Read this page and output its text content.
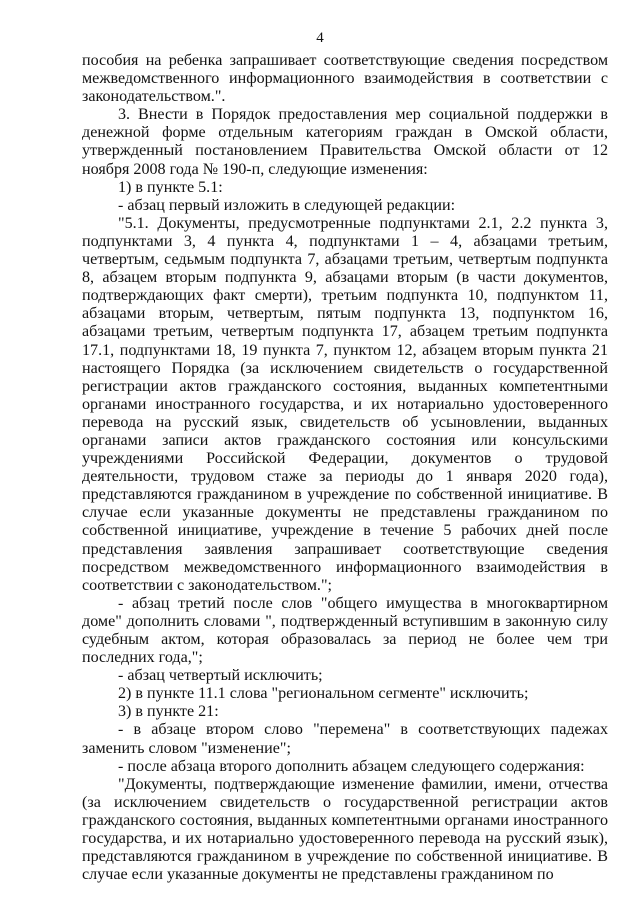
4

пособия на ребенка запрашивает соответствующие сведения посредством межведомственного информационного взаимодействия в соответствии с законодательством.".

3. Внести в Порядок предоставления мер социальной поддержки в денежной форме отдельным категориям граждан в Омской области, утвержденный постановлением Правительства Омской области от 12 ноября 2008 года № 190-п, следующие изменения:

1) в пункте 5.1:

- абзац первый изложить в следующей редакции:

"5.1. Документы, предусмотренные подпунктами 2.1, 2.2 пункта 3, подпунктами 3, 4 пункта 4, подпунктами 1 – 4, абзацами третьим, четвертым, седьмым подпункта 7, абзацами третьим, четвертым подпункта 8, абзацем вторым подпункта 9, абзацами вторым (в части документов, подтверждающих факт смерти), третьим подпункта 10, подпунктом 11, абзацами вторым, четвертым, пятым подпункта 13, подпунктом 16, абзацами третьим, четвертым подпункта 17, абзацем третьим подпункта 17.1, подпунктами 18, 19 пункта 7, пунктом 12, абзацем вторым пункта 21 настоящего Порядка (за исключением свидетельств о государственной регистрации актов гражданского состояния, выданных компетентными органами иностранного государства, и их нотариально удостоверенного перевода на русский язык, свидетельств об усыновлении, выданных органами записи актов гражданского состояния или консульскими учреждениями Российской Федерации, документов о трудовой деятельности, трудовом стаже за периоды до 1 января 2020 года), представляются гражданином в учреждение по собственной инициативе. В случае если указанные документы не представлены гражданином по собственной инициативе, учреждение в течение 5 рабочих дней после представления заявления запрашивает соответствующие сведения посредством межведомственного информационного взаимодействия в соответствии с законодательством.";

- абзац третий после слов "общего имущества в многоквартирном доме" дополнить словами ", подтвержденный вступившим в законную силу судебным актом, которая образовалась за период не более чем три последних года,";

- абзац четвертый исключить;

2) в пункте 11.1 слова "региональном сегменте" исключить;

3) в пункте 21:

- в абзаце втором слово "перемена" в соответствующих падежах заменить словом "изменение";

- после абзаца второго дополнить абзацем следующего содержания:

"Документы, подтверждающие изменение фамилии, имени, отчества (за исключением свидетельств о государственной регистрации актов гражданского состояния, выданных компетентными органами иностранного государства, и их нотариально удостоверенного перевода на русский язык), представляются гражданином в учреждение по собственной инициативе. В случае если указанные документы не представлены гражданином по
